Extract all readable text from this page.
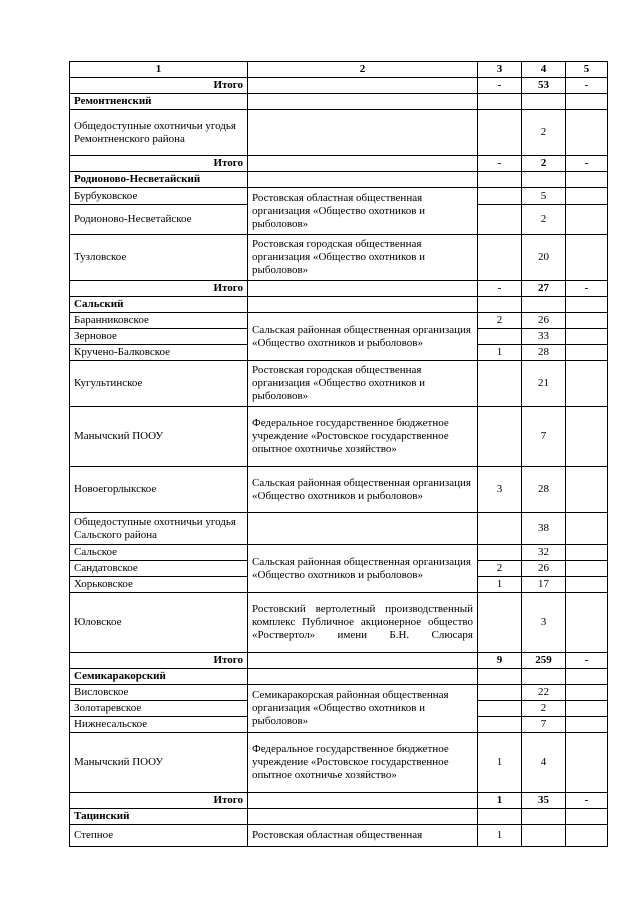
1	2	3	4	5
Итого		-	53	-
Ремонтненский				
Общедоступные охотничьи угодья Ремонтненского района			2	
Итого		-	2	-
Родионово-Несветайский				
Бурбуковское	Ростовская областная общественная организация «Общество охотников и рыболовов»		5	
Родионово-Несветайское			2	
Тузловское	Ростовская городская общественная организация «Общество охотников и рыболовов»		20	
Итого		-	27	-
Сальский				
Баранниковское	Сальская районная общественная организация «Общество охотников и рыболовов»	2	26	
Зерновое			33	
Кручено-Балковское		1	28	
Кугультинское	Ростовская городская общественная организация «Общество охотников и рыболовов»		21	
Манычский ПООУ	Федеральное государственное бюджетное учреждение «Ростовское государственное опытное охотничье хозяйство»		7	
Новоегорлыкское	Сальская районная общественная организация «Общество охотников и рыболовов»	3	28	
Общедоступные охотничьи угодья Сальского района			38	
Сальское	Сальская районная общественная организация «Общество охотников и рыболовов»		32	
Сандатовское		2	26	
Хорьковское		1	17	
Юловское	Ростовский вертолетный производственный комплекс Публичное акционерное общество «Роствертол» имени Б.Н. Слюсаря		3	
Итого		9	259	-
Семикаракорский				
Висловское	Семикаракорская районная общественная организация «Общество охотников и рыболовов»		22	
Золотаревское			2	
Нижнесальское			7	
Манычский ПООУ	Федеральное государственное бюджетное учреждение «Ростовское государственное опытное охотничье хозяйство»	1	4	
Итого		1	35	-
Тацинский				
Степное	Ростовская областная общественная	1		
